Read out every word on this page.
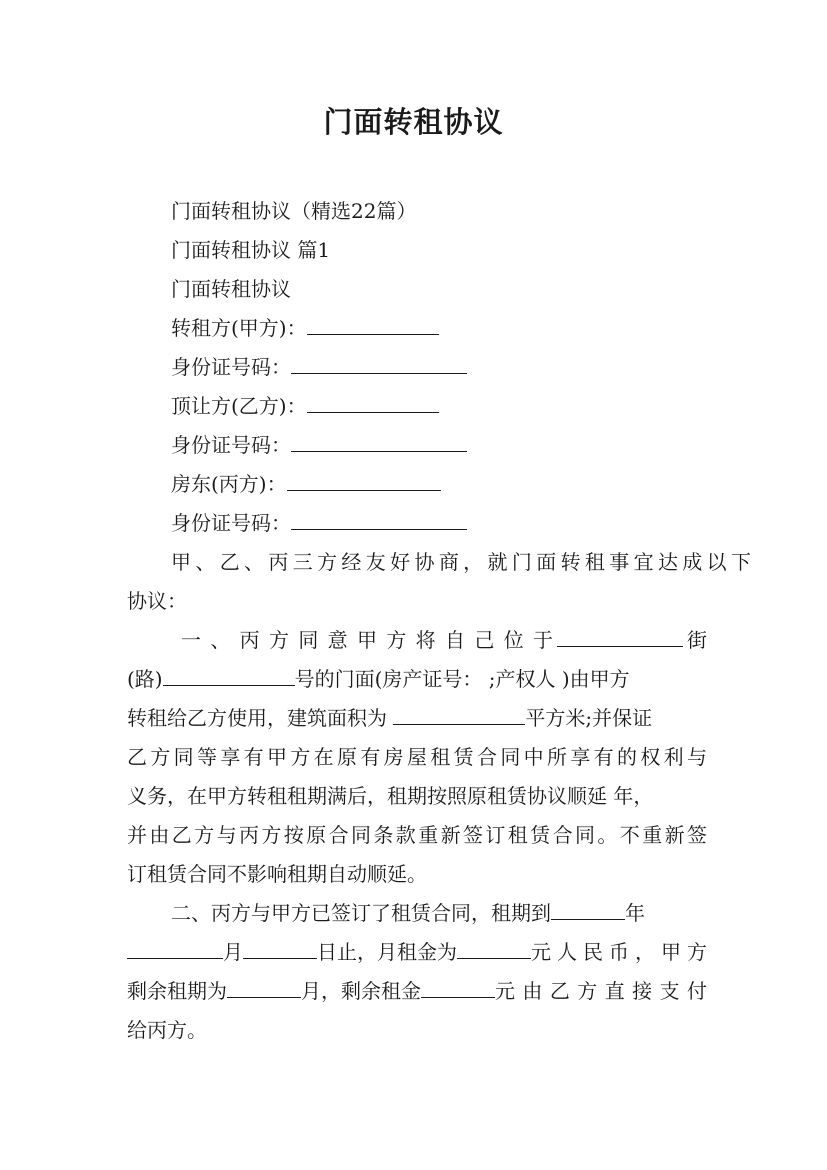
门面转租协议
门面转租协议（精选22篇）
门面转租协议 篇1
门面转租协议
转租方(甲方)：
身份证号码：
顶让方(乙方)：
身份证号码：
房东(丙方)：
身份证号码：
甲、乙、丙三方经友好协商，就门面转租事宜达成以下
协议：
一、丙方同意甲方将自己位于	街
(路)	号的门面(房产证号： ;产权人 )由甲方
转租给乙方使用，建筑面积为	平方米;并保证
乙方同等享有甲方在原有房屋租赁合同中所享有的权利与
义务，在甲方转租租期满后，租期按照原租赁协议顺延 年，
并由乙方与丙方按原合同条款重新签订租赁合同。不重新签
订租赁合同不影响租期自动顺延。
二、丙方与甲方已签订了租赁合同，租期到	年
月	日止，月租金为	元人民币，甲方
剩余租期为	月，剩余租金	元由乙方直接支付
给丙方。
